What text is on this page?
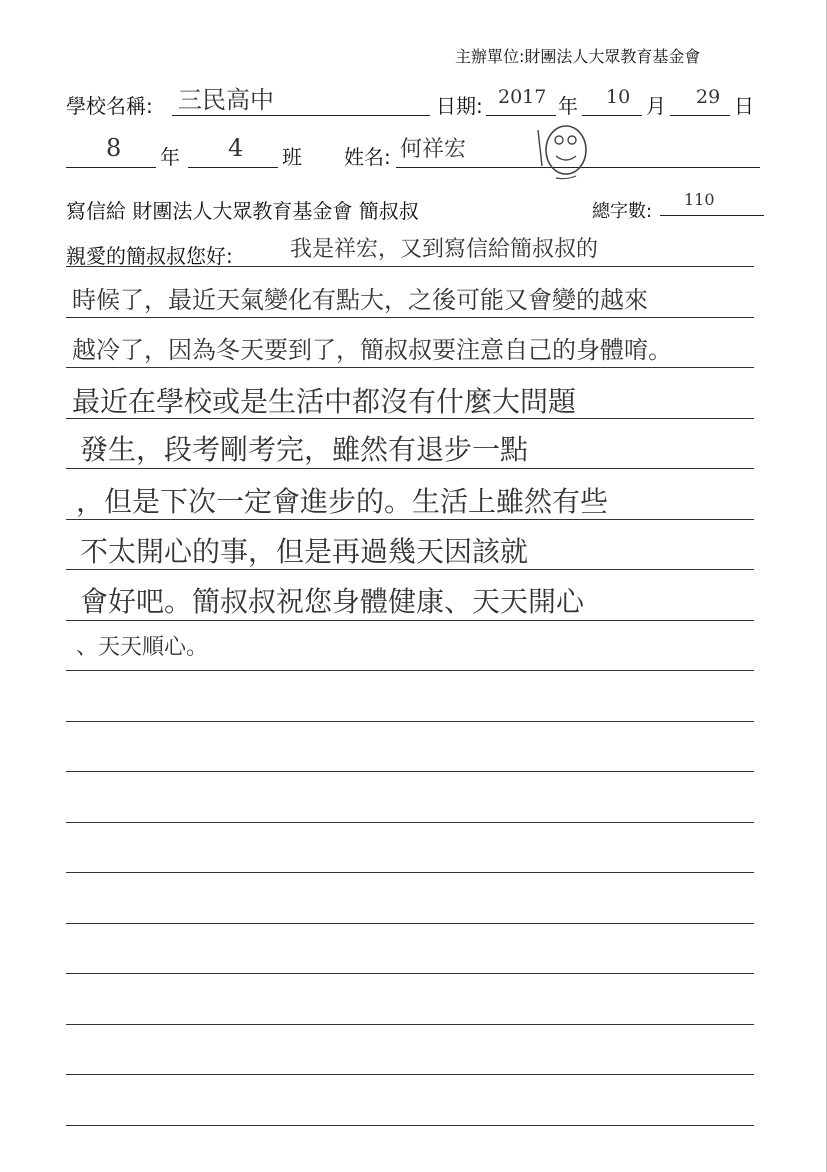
主辦單位:財團法人大眾教育基金會
學校名稱: 三民高中	日期: 2017 年 10 月 29 日
8 年 4 班 姓名: 何祥宏
寫信給 財團法人大眾教育基金會 簡叔叔	總字數:
110
親愛的簡叔叔您好:	我是祥宏，又到寫信給簡叔叔的
時候了，最近天氣變化有點大，之後可能又會變的越來
越冷了，因為冬天要到了，簡叔叔要注意自己的身體唷。
最近在學校或是生活中都沒有什麼大問題
發生，段考剛考完，雖然有退步一點
，但是下次一定會進步的。生活上雖然有些
不太開心的事，但是再過幾天因該就
會好吧。簡叔叔祝您身體健康、天天開心
、天天順心。
